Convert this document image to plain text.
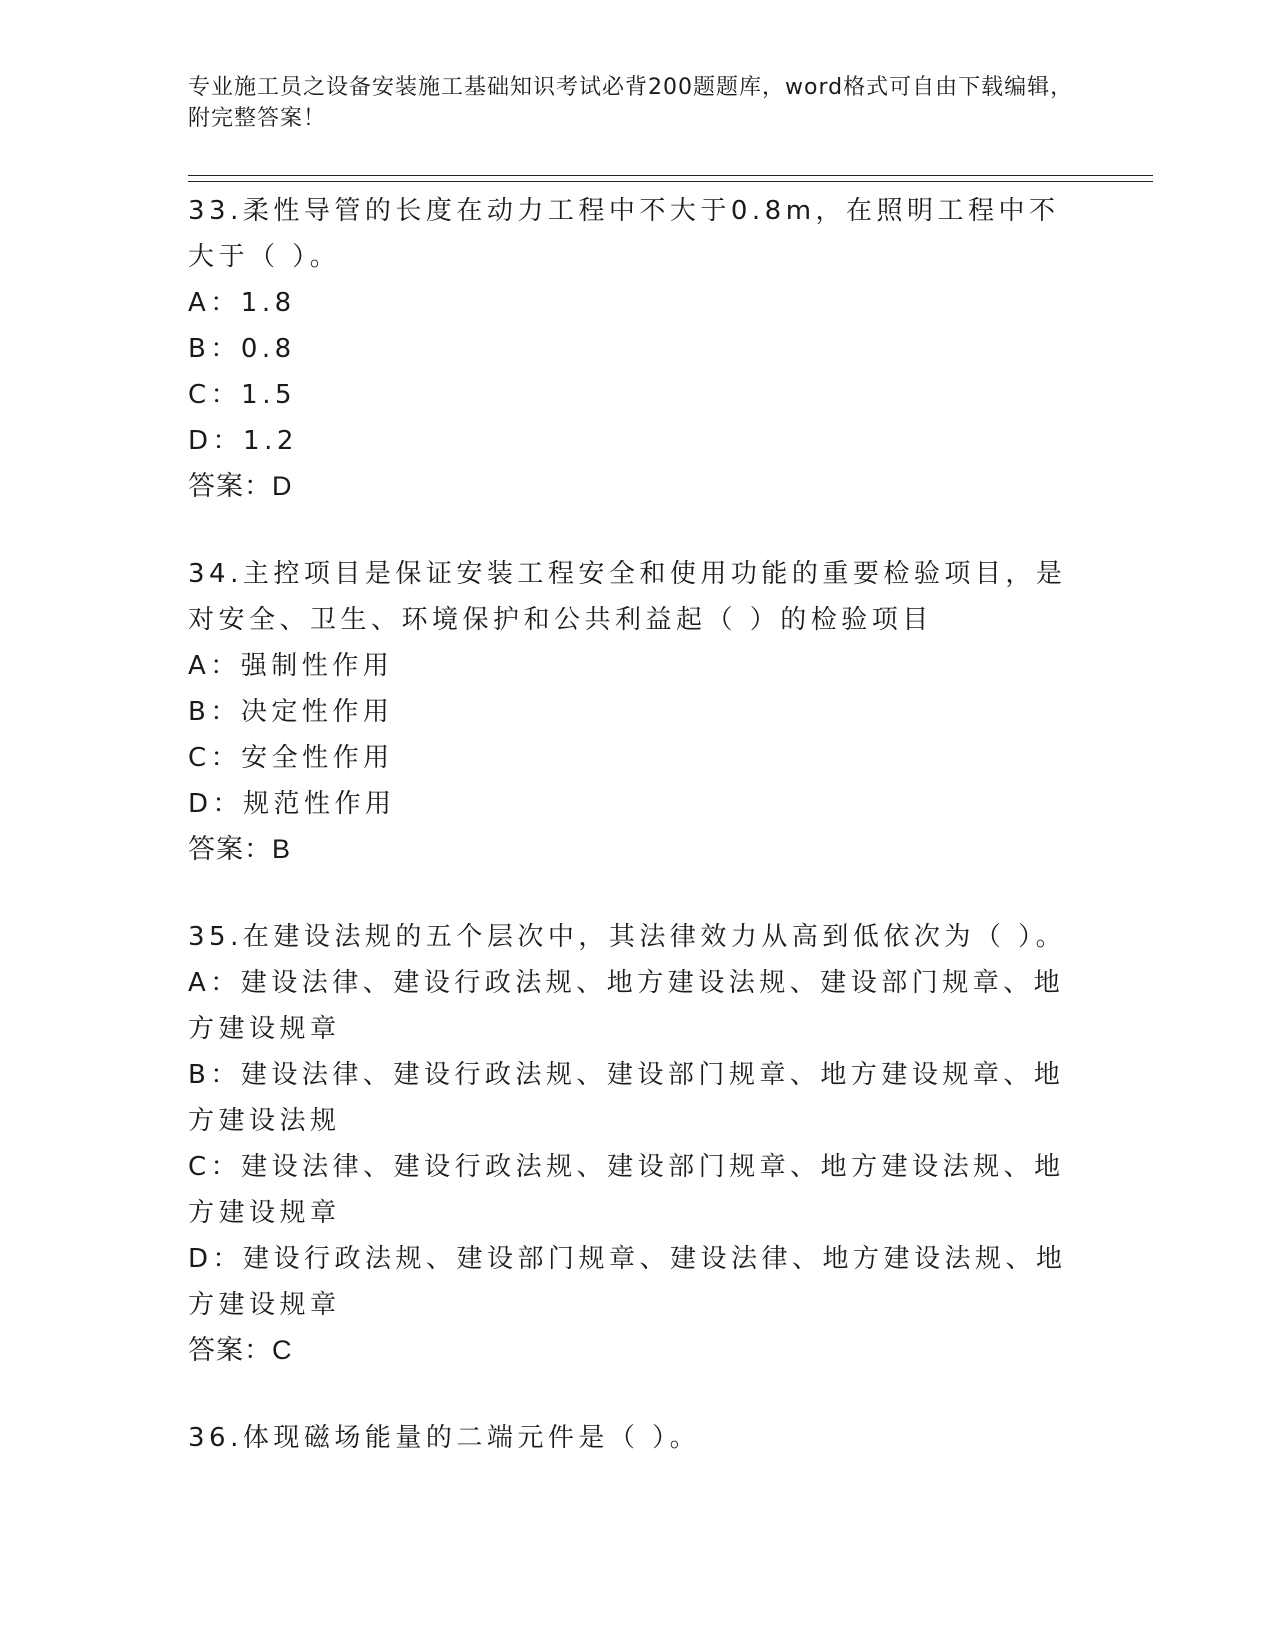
专业施工员之设备安装施工基础知识考试必背200题题库，word格式可自由下载编辑，附完整答案！
33.柔性导管的长度在动力工程中不大于0.8m，在照明工程中不大于（ ）。
A：1.8
B：0.8
C：1.5
D：1.2
答案：D
34.主控项目是保证安装工程安全和使用功能的重要检验项目，是对安全、卫生、环境保护和公共利益起（ ）的检验项目
A：强制性作用
B：决定性作用
C：安全性作用
D：规范性作用
答案：B
35.在建设法规的五个层次中，其法律效力从高到低依次为（ ）。
A：建设法律、建设行政法规、地方建设法规、建设部门规章、地方建设规章
B：建设法律、建设行政法规、建设部门规章、地方建设规章、地方建设法规
C：建设法律、建设行政法规、建设部门规章、地方建设法规、地方建设规章
D：建设行政法规、建设部门规章、建设法律、地方建设法规、地方建设规章
答案：C
36.体现磁场能量的二端元件是（ ）。
